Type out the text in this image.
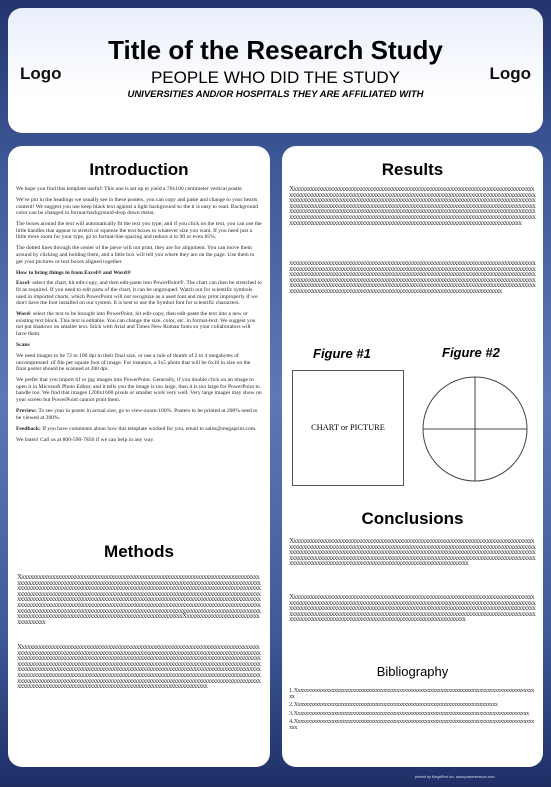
Logo	Logo
Title of the Research Study
PEOPLE WHO DID THE STUDY
UNIVERSITIES AND/OR HOSPITALS THEY ARE AFFILIATED WITH
Introduction

We hope you find this template useful! This one is set up to yield a 70x100 centimeter vertical poster.

We've put in the headings we usually see in these posters, you can copy and paste and change to your hearts content! We suggest you use keep black text against a light background so the it is easy to read. Background color can be changed in format-background-drop down menu.

The boxes around the text will automatically fit the text you type; and if you click on the text, you can use the little handles that appear to stretch or squeeze the text boxes to whatever size you want. If you need just a little more room for your type, go to format-line spacing and reduce it to 90 or even 85%.

The dotted lines through the center of the piece will not print, they are for alignment. You can move them around by clicking and holding them, and a little box will tell you where they are on the page. Use them to get your pictures or text boxes aligned together.

How to bring things in from Excel® and Word®

Excel- select the chart, hit edit-copy, and then edit-paste into PowerPoint®. The chart can then be stretched to fit as required. If you need to edit parts of the chart, it can be ungrouped. Watch out for scientific symbols used in imported charts, which PowerPoint will not recognize as a used font and may print improperly if we don't have the font installed on our system. It is best to use the Symbol font for scientific characters.

Word- select the text to be brought into PowerPoint, hit edit-copy, then edit-paste the text into a new or existing text block. This text is editable. You can change the size, color, etc. in format-text. We suggest you not put shadows on smaller text. Stick with Arial and Times New Roman fonts so your collaborators will have them.

Scans

We need images to be 72 to 100 dpi in their final size, or use a rule of thumb of 2 to 4 megabytes of uncompressed .tif file per square foot of image. For instance, a 3x5 photo that will be 6x10 in size on the final poster should be scanned at 200 dpi.

We prefer that you import tif or jpg images into PowerPoint. Generally, if you double click on an image to open it in Microsoft Photo Editor, and it tells you the image is too large, then it is too large for PowerPoint to handle too. We find that images 1200x1600 pixels or smaller work very well. Very large images may show on your screen but PowerPoint cannot print them.

Preview: To see your in poster in actual size, go to view-zoom-100%. Posters to be printed at 200% need to be viewed at 200%.

Feedback: If you have comments about how this template worked for you, email to sales@megaprint.com.

We listen! Call us at 800-590-7850 if we can help in any way.

Methods
XxxxxxxxxxxxxxxxxxxxxxxxxxxxxxxxxxxxxxxxxxxxxxxxxxxxxxxxxxxxxxxxxxxxxxxxxxxxxxxxxxxxxxxxxxxxxxxxxxxxxxxxxxxxxxxxxxxxxxxxxxxxxxxxxxxxxxxxxxxxxxxxxxxxxxxxxxxxxxxxxxxxxxxxxxxxxxxxxxxxxxxxxxxxxxxxxxxxxxxxxxxxxxxxxxxxxxxxxxxxxxxxxxxxxxxxxxxxxxxxxxxxxxxxxxxxxxxxxxxxxxxxxxxxxxxxxxxxxxxxxxxxxxxxxxxxxxxxxxxxxxxxxxxxxxxxxxxxxxxxxxxxxxxxxxxxxxxxxxxxxxxxxxxxxxxxxxxxxxxxxxxxxxxxxxxxxxxxxxxxxxxxxxxxxxxxxxxxxxxxxxxxxxxxxxxxxxxxxxxxxxxxxxxxxxxxxxxxxxxxxxxxxxxxxxxxxxxxxxxxxxxxxxxxxxxxxxxxxxxxxxxxxxxxxxxxxxxxxxxxxxxxxxxxxxxxxxxxxxxxxxxxxxxxxxxxxxxxxxxxxxxxxxxxxxxxxxxxxxxxxxxxxxxxxxxxxxxxxxxxxxxxxxxxxxxxxxxxxxxxxxxxxxxxxxxxxxxxxxxxxxxxxxxxxxxxxxxxxxxxxxxxxxxxxxxxxxxxxxxxxxxxxxxXxxxxxxxxxxxxxxxxxxxxxxxxxxxxxxxxxxxx
Xxxxxxxxxxxxxxxxxxxxxxxxxxxxxxxxxxxxxxxxxxxxxxxxxxxxxxxxxxxxxxxxxxxxxxxxxxxxxxxxxxxxxxxxxxxxxxxxxxxxxxxxxxxxxxxxxxxxxxxxxxxxxxxxxxxxxxxxxxxxxxxxxxxxxxxxxxxxxxxxxxxxxxxxxxxxxxxxxxxxxxxxxxxxxxxxxxxxxxxxxxxxxxxxxxxxxxxxxxxxxxxxxxxxxxxxxxxxxxxxxxxxxxxxxxxxxxxxxxxxxxxxxxxxxxxxxxxxxxxxxxxxxxxxxxxxxxxxxxxxxxxxxxxxxxxxxxxxxxxxxxxxxxxxxxxxxxxxxxxxxxxxxxxxxxxxxxxxxxxxxxxxxxxxxxxxxxxxxxxxxxxxxxxxxxxxxxxxxxxxxxxxxxxxxxxxxxxxxxxxxxxxxxxxxxxxxxxxxxxxxxxxxxxxxxxxxxxxxxxxxxxxxxxxxxxxxxxxxxxxxxxxxxxxxxxxxxxxxxxxxxxxxxxxxxxxxxxxxxxxxxxxxxxxxxxxxxxxxxxxxxxxxxxxxxxxxxxxxxxxxxxxxxxxxxxxxxxxxxxxxxxxxxxxxxxxxxxxxxxxxxxxxxxxxxxxxxxxxxxxxxxxxxxxxxxxxxxxxxxxxxxxxxxxxxxxxxxxxxxxxxxxxxxxxxxxxxxx
Results
Xxxxxxxxxxxxxxxxxxxxxxxxxxxxxxxxxxxxxxxxxxxxxxxxxxxxxxxxxxxxxxxxxxxxxxxxxxxxxxxxxxxxxxxxxxxxxxxxxxxxxxxxxxxxxxxxxxxxxxxxxxxxxxxxxxxxxxxxxxxxxxxxxxxxxxxxxxxxxxxxxxxxxxxxxxxxxxxxxxxxxxxxxxxxxxxxxxxxxxxxxxxxxxxxxxxxxxxxxxxxxxxxxxxxxxxxxxxxxxxxxxxxxxxxxxxxxxxxxxxxxxxxxxxxxxxxxxxxxxxxxxxxxxxxxxxxxxxxxxxxxxxxxxxxxxxxxxxxxxxxxxxxxxxxxxxxxxxxxxxxxxxxxxxxxxxxxxxxxxxxxxxxxxxxxxxxxxxxxxxxxxxxxxxxxxxxxxxxxxxxxxxxxxxxxxxxxxxxxxxxxxxxxxxxxxxxxxxxxxxxxxxxxxxxxxxxxxxxxxxxxxxxxxxxxxxxxxxxxxxxxxxxxxxxxxxxxxxxxxxxxxxxxxxxxxxxxxxxxxxxxxxxxxxxxxxxxxxxxxxxxxxxxxxxxxxxxxxxxxxxxxxxxxxxxxxxxxxxxxxxxxxxxxxxxxxxxxxxxxxxxxxxxxxxxx
xxxxxxxxxxxxxxxxxxxxxxxxxxxxxxxxxxxxxxxxxxxxxxxxxxxxxxxxxxxxxxxxxxxxxxxxxxxxxxxxxxxxxxxxxxxxxxxxxxxxxxxxxxxxxxxxxxxxxxxxxxxxxxxxxxxxxxxxxxxxxxxxxxxxxxxxxxxxxxxxxxxxxxxxxxxxxxxxxxxxxxxxxxxxxxxxxxxxxxxxxxxxxxxxxxxxxxxxxxxxxxxxxxxxxxxxxxxxxxxxxxxxxxxxxxxxxxxxxxxxxxxxxxxxxxxxxxxxxxxxxxxxxxxxxxxxxxxxxxxxxxxxxxxxxxxxxxxxxxxxxxxxxxxxxxxxxxxxxxxxxxxxxxxxxxxxxxxxxxxxxxxxxxxxxxxxxxxxxxxxxxxxxxxxxxxxxxxxxxxxxxxxxxxxxxxxxxxxxxxxxxxxxxxxxxxxxxxxxxxxxxxxxxxxxxxxxxxxxxxxxxxxxxxxxxxxxxxxxxxxxxxxxxxxxxxxxxxxxxxxxxxxxxxxxxxxxxxx
Figure #1	Figure #2
CHART or PICTURE
Conclusions
Xxxxxxxxxxxxxxxxxxxxxxxxxxxxxxxxxxxxxxxxxxxxxxxxxxxxxxxxxxxxxxxxxxxxxxxxxxxxxxxxxxxxxxxxxxxxxxxxxxxxxxxxxxxxxxxxxxxxxxxxxxxxxxxxxxxxxxxxxxxxxxxxxxxxxxxxxxxxxxxxxxxxxxxxxxxxxxxxxxxxxxxxxxxxxxxxxxxxxxxxxxxxxxxxxxxxxxxxxxxxxxxxxxxxxxxxxxxxxxxxxxxxxxxxxxxxxxxxxxxxxxxxxxxxxxxxxxxxxxxxxxxxxxxxxxxxxxxxxxxxxxxxxxxxxxxxxxxxxxxxxxxxxxxxxxxxxxxxxxxxxxxxxxxxxxxxxxxxxxxxxxxxxxxxxxxxxxxxxxxxxxxxxxxxxxxxxxxxxxxxxxxxxxxxxxxxxxx
Xxxxxxxxxxxxxxxxxxxxxxxxxxxxxxxxxxxxxxxxxxxxxxxxxxxxxxxxxxxxxxxxxxxxxxxxxxxxxxxxxxxxxxxxxxxxxxxxxxxxxxxxxxxxxxxxxxxxxxxxxxxxxxxxxxxxxxxxxxxxxxxxxxxxxxxxxxxxxxxxxxxxxxxxxxxxxxxxxxxxxxxxxxxxxxxxxxxxxxxxxxxxxxxxxxxxxxxxxxxxxxxxxxxxxxxxxxxxxxxxxxxxxxxxxxxxxxxxxxxxxxxxxxxxxxxxxxxxxxxxxxxxxxxxxxxxxxxxxxxxxxxxxxxxxxxxxxxxxxxxxxxxxxxxxxxxxxxxxxxxxxxxxxxxxxxxxxxxxxxxxxxxxxxxxxxxxxxxxxxxxxxxxxxxxxxxxxxxxxxxxxxxxxxxxxxxxx
Bibliography
1. Xxxxxxxxxxxxxxxxxxxxxxxxxxxxxxxxxxxxxxxxxxxxxxxxxxxxxxxxxxxxxxxxxxxxxxxxxxxxxxxxxxxxxxxxxxxxxx
2. Xxxxxxxxxxxxxxxxxxxxxxxxxxxxxxxxxxxxxxxxxxxxxxxxxxxxxxxxxxxxxxxxxxxxxxxxxxxxxx
3. Xxxxxxxxxxxxxxxxxxxxxxxxxxxxxxxxxxxxxxxxxxxxxxxxxxxxxxxxxxxxxxxxxxxxxxxxxxxxxxxxxxxxxxxxxx
4. Xxxxxxxxxxxxxxxxxxxxxxxxxxxxxxxxxxxxxxxxxxxxxxxxxxxxxxxxxxxxxxxxxxxxxxxxxxxxxxxxxxxxxxxxxxxxxxx
printed by MegaPrint Inc. www.postersession.com
